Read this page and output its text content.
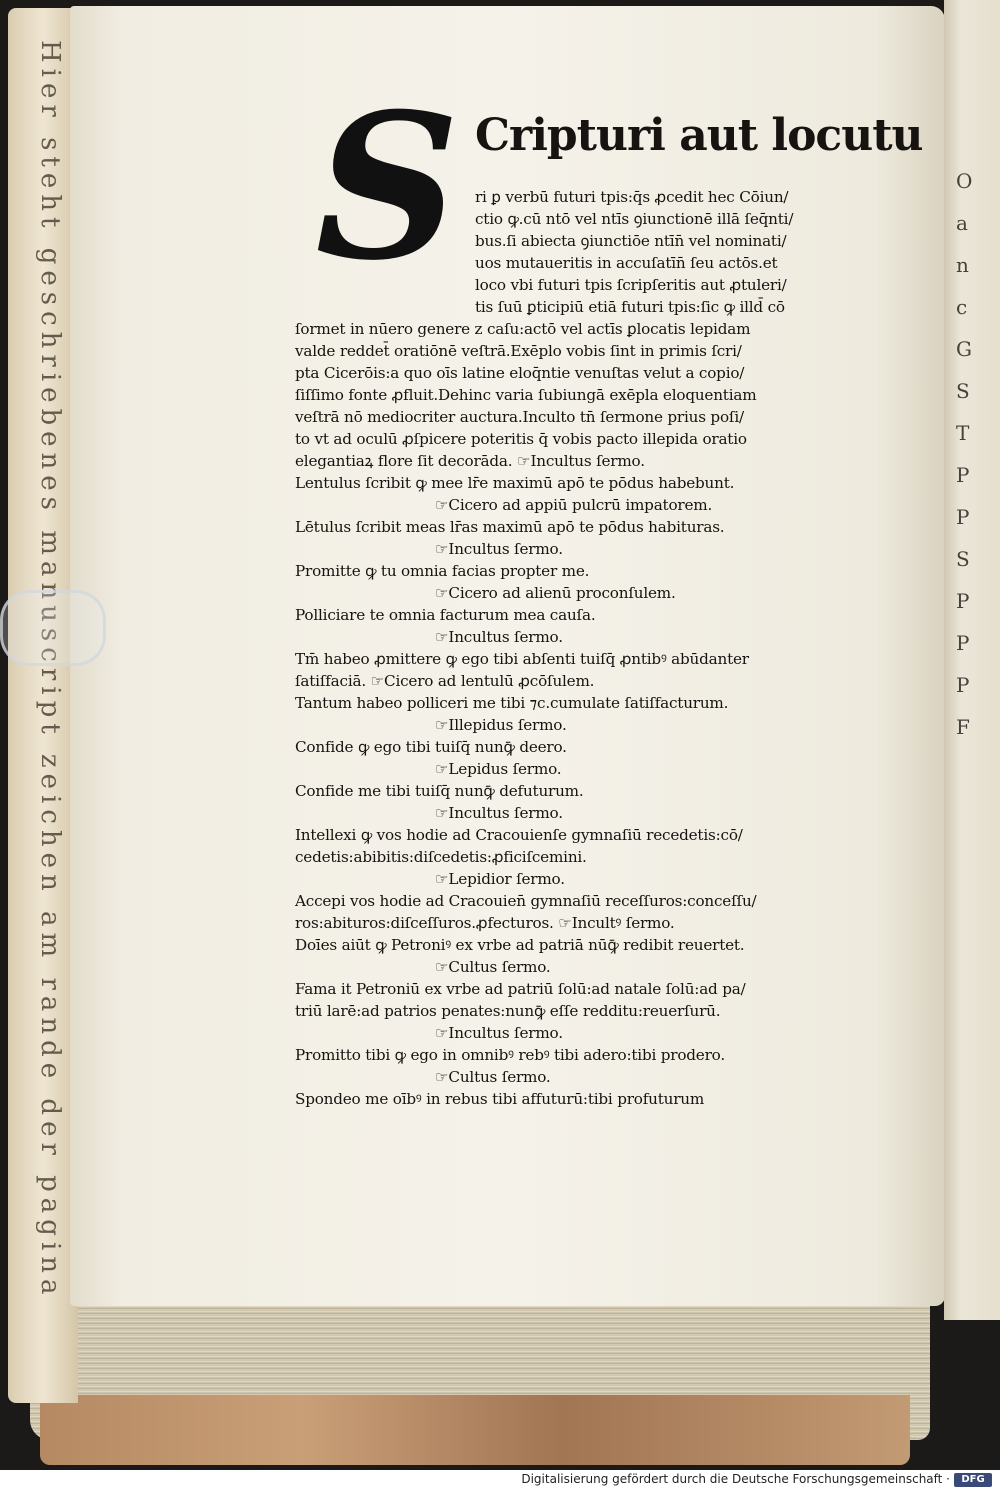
Hier steht geschriebenes manuscript zeichen am rande der pagina	O
a
n
c
G
S
T
P
P
S
P
P
P
F
S Cripturi aut locutu
ri ꝑ verbū futuri tpis:q̄s ꝓcedit hec Cōiun/
ctio ꝙ.cū ntō vel ntīs ꝯiunctionē illā ſeq̄nti/
bus.ſi abiecta ꝯiunctiōe ntīn̄ vel nominati/
uos mutaueritis in accuſatīn̄ ſeu actōs.et
loco vbi futuri tpis ſcripſeritis aut ꝓtuleri/
tis ſuū ꝑticipiū etiā futuri tpis:ſic ꝙ illd̄ cō
ſormet in nūero genere z caſu:actō vel actīs ꝑlocatis lepidam
valde reddet̄ oratiōnē veſtrā.Exēplo vobis ſint in primis ſcri/
pta Cicerōis:a quo oīs latine eloq̄ntie venuſtas velut a copio/
ſiſſimo fonte ꝓfluit.Dehinc varia ſubiungā exēpla eloquentiam
veſtrā nō mediocriter auctura.Inculto tn̄ ſermone prius poſi/
to vt ad oculū ꝓſpicere poteritis q̄ vobis pacto illepida oratio
elegantiaꝝ flore ſit decorāda. ☞Incultus ſermo.
Lentulus ſcribit ꝙ mee lr̄e maximū apō te pōdus habebunt.
☞Cicero ad appiū pulcrū impatorem.
Lētulus ſcribit meas lr̄as maximū apō te pōdus habituras.
☞Incultus ſermo.
Promitte ꝙ tu omnia facias propter me.
☞Cicero ad alienū proconſulem.
Polliciare te omnia facturum mea cauſa.
☞Incultus ſermo.
Tm̄ habeo ꝓmittere ꝙ ego tibi abſenti tuiſq̄ ꝓntibꝰ abūdanter
ſatiſfaciā. ☞Cicero ad lentulū ꝓcōſulem.
Tantum habeo polliceri me tibi ⁊c.cumulate ſatiſfacturum.
☞Illepidus ſermo.
Confide ꝙ ego tibi tuiſq̄ nunꝙ̄ deero.
☞Lepidus ſermo.
Confide me tibi tuiſq̄ nunꝙ̄ defuturum.
☞Incultus ſermo.
Intellexi ꝙ vos hodie ad Cracouienſe gymnaſiū recedetis:cō/
cedetis:abibitis:diſcedetis:ꝓficiſcemini.
☞Lepidior ſermo.
Accepi vos hodie ad Cracouien̄ gymnaſiū receſſuros:conceſſu/
ros:abituros:diſceſſuros.ꝓfecturos. ☞Incultꝰ ſermo.
Doīes aiūt ꝙ Petroniꝰ ex vrbe ad patriā nūꝙ̄ redibit reuertet.
☞Cultus ſermo.
Fama it Petroniū ex vrbe ad patriū ſolū:ad natale ſolū:ad pa/
triū larē:ad patrios penates:nunꝙ̄ eſſe redditu:reuerſurū.
☞Incultus ſermo.
Promitto tibi ꝙ ego in omnibꝰ rebꝰ tibi adero:tibi prodero.
☞Cultus ſermo.
Spondeo me oībꝰ in rebus tibi affuturū:tibi profuturum
Digitalisierung gefördert durch die Deutsche Forschungsgemeinschaft ·	DFG
